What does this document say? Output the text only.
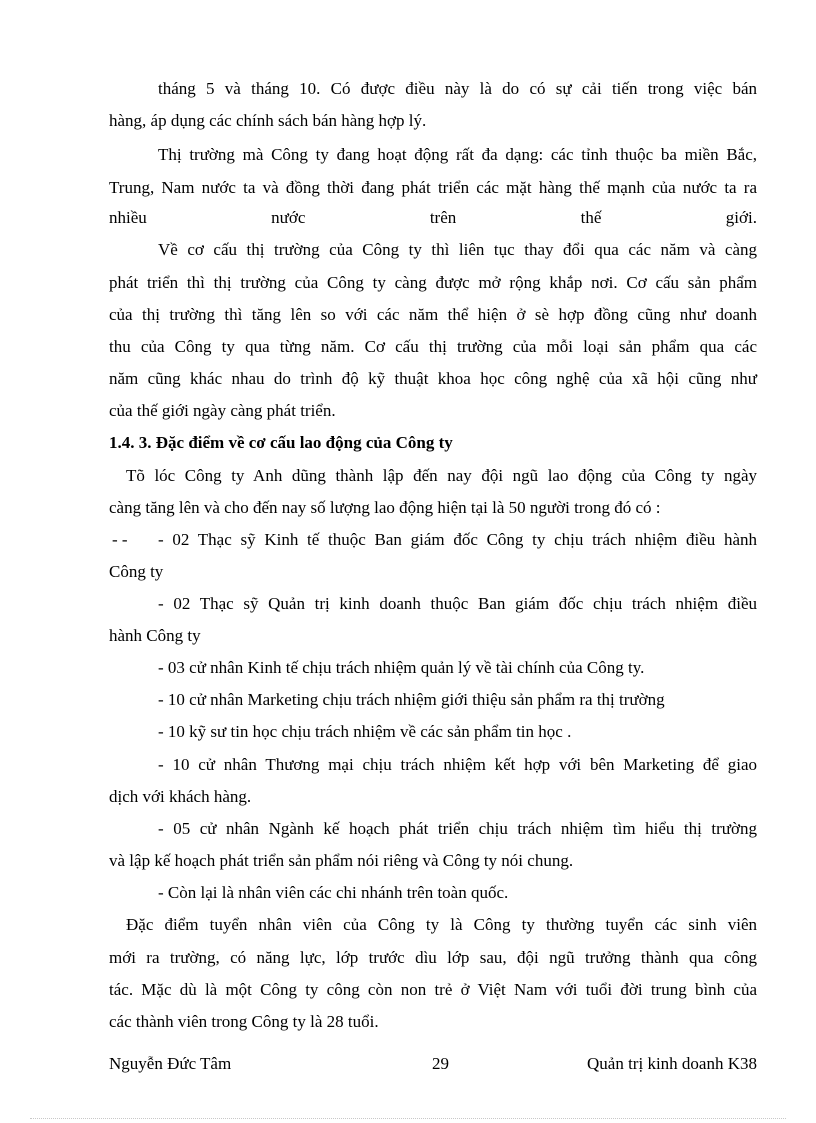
tháng 5 và tháng 10. Có được điều này là do có sự cải tiến trong việc bán
hàng, áp dụng các chính sách bán hàng hợp lý.
Thị trường mà Công ty đang hoạt động rất đa dạng: các tỉnh thuộc ba miền Bắc,
Trung, Nam nước ta và đồng thời đang phát triển các mặt hàng thế mạnh của nước ta ra
nhiều nước trên thế giới.
Về cơ cấu thị trường của Công ty thì liên tục thay đổi qua các năm và càng
phát triển thì thị trường của Công ty càng được mở rộng khắp nơi. Cơ cấu sản phẩm
của thị trường thì tăng lên so với các năm thể hiện ở sè hợp đồng cũng như doanh
thu của Công ty qua từng năm. Cơ cấu thị trường của mỗi loại sản phẩm qua các
năm cũng khác nhau do trình độ kỹ thuật khoa học công nghệ của xã hội cũng như
của thế giới ngày càng phát triển.
1.4. 3. Đặc điểm về cơ cấu lao động của Công ty
Tõ lóc Công ty Anh dũng thành lập đến nay đội ngũ lao động của Công ty ngày
càng tăng lên và cho đến nay số lượng lao động hiện tại là 50 người trong đó có :
- -	- 02 Thạc sỹ Kinh tế thuộc Ban giám đốc Công ty chịu trách nhiệm điều hành
Công ty
- 02 Thạc sỹ Quản trị kinh doanh thuộc Ban giám đốc chịu trách nhiệm điều
hành Công ty
- 03 cử nhân Kinh tế chịu trách nhiệm quản lý về tài chính của Công ty.
- 10 cử nhân Marketing chịu trách nhiệm giới thiệu sản phẩm ra thị trường
- 10 kỹ sư tin học chịu trách nhiệm về các sản phẩm tin học .
- 10 cử nhân Thương mại chịu trách nhiệm kết hợp với bên Marketing để giao
dịch với khách hàng.
- 05 cử nhân Ngành kế hoạch phát triển chịu trách nhiệm tìm hiểu thị trường
và lập kế hoạch phát triển sản phẩm nói riêng và Công ty nói chung.
- Còn lại là nhân viên các chi nhánh trên toàn quốc.
Đặc điểm tuyển nhân viên của Công ty là Công ty thường tuyển các sinh viên
mới ra trường, có năng lực, lớp trước dìu lớp sau, đội ngũ trưởng thành qua công
tác. Mặc dù là một Công ty công còn non trẻ ở Việt Nam với tuổi đời trung bình của
các thành viên trong Công ty là 28 tuổi.
Nguyễn Đức Tâm	29	Quản trị kinh doanh K38
